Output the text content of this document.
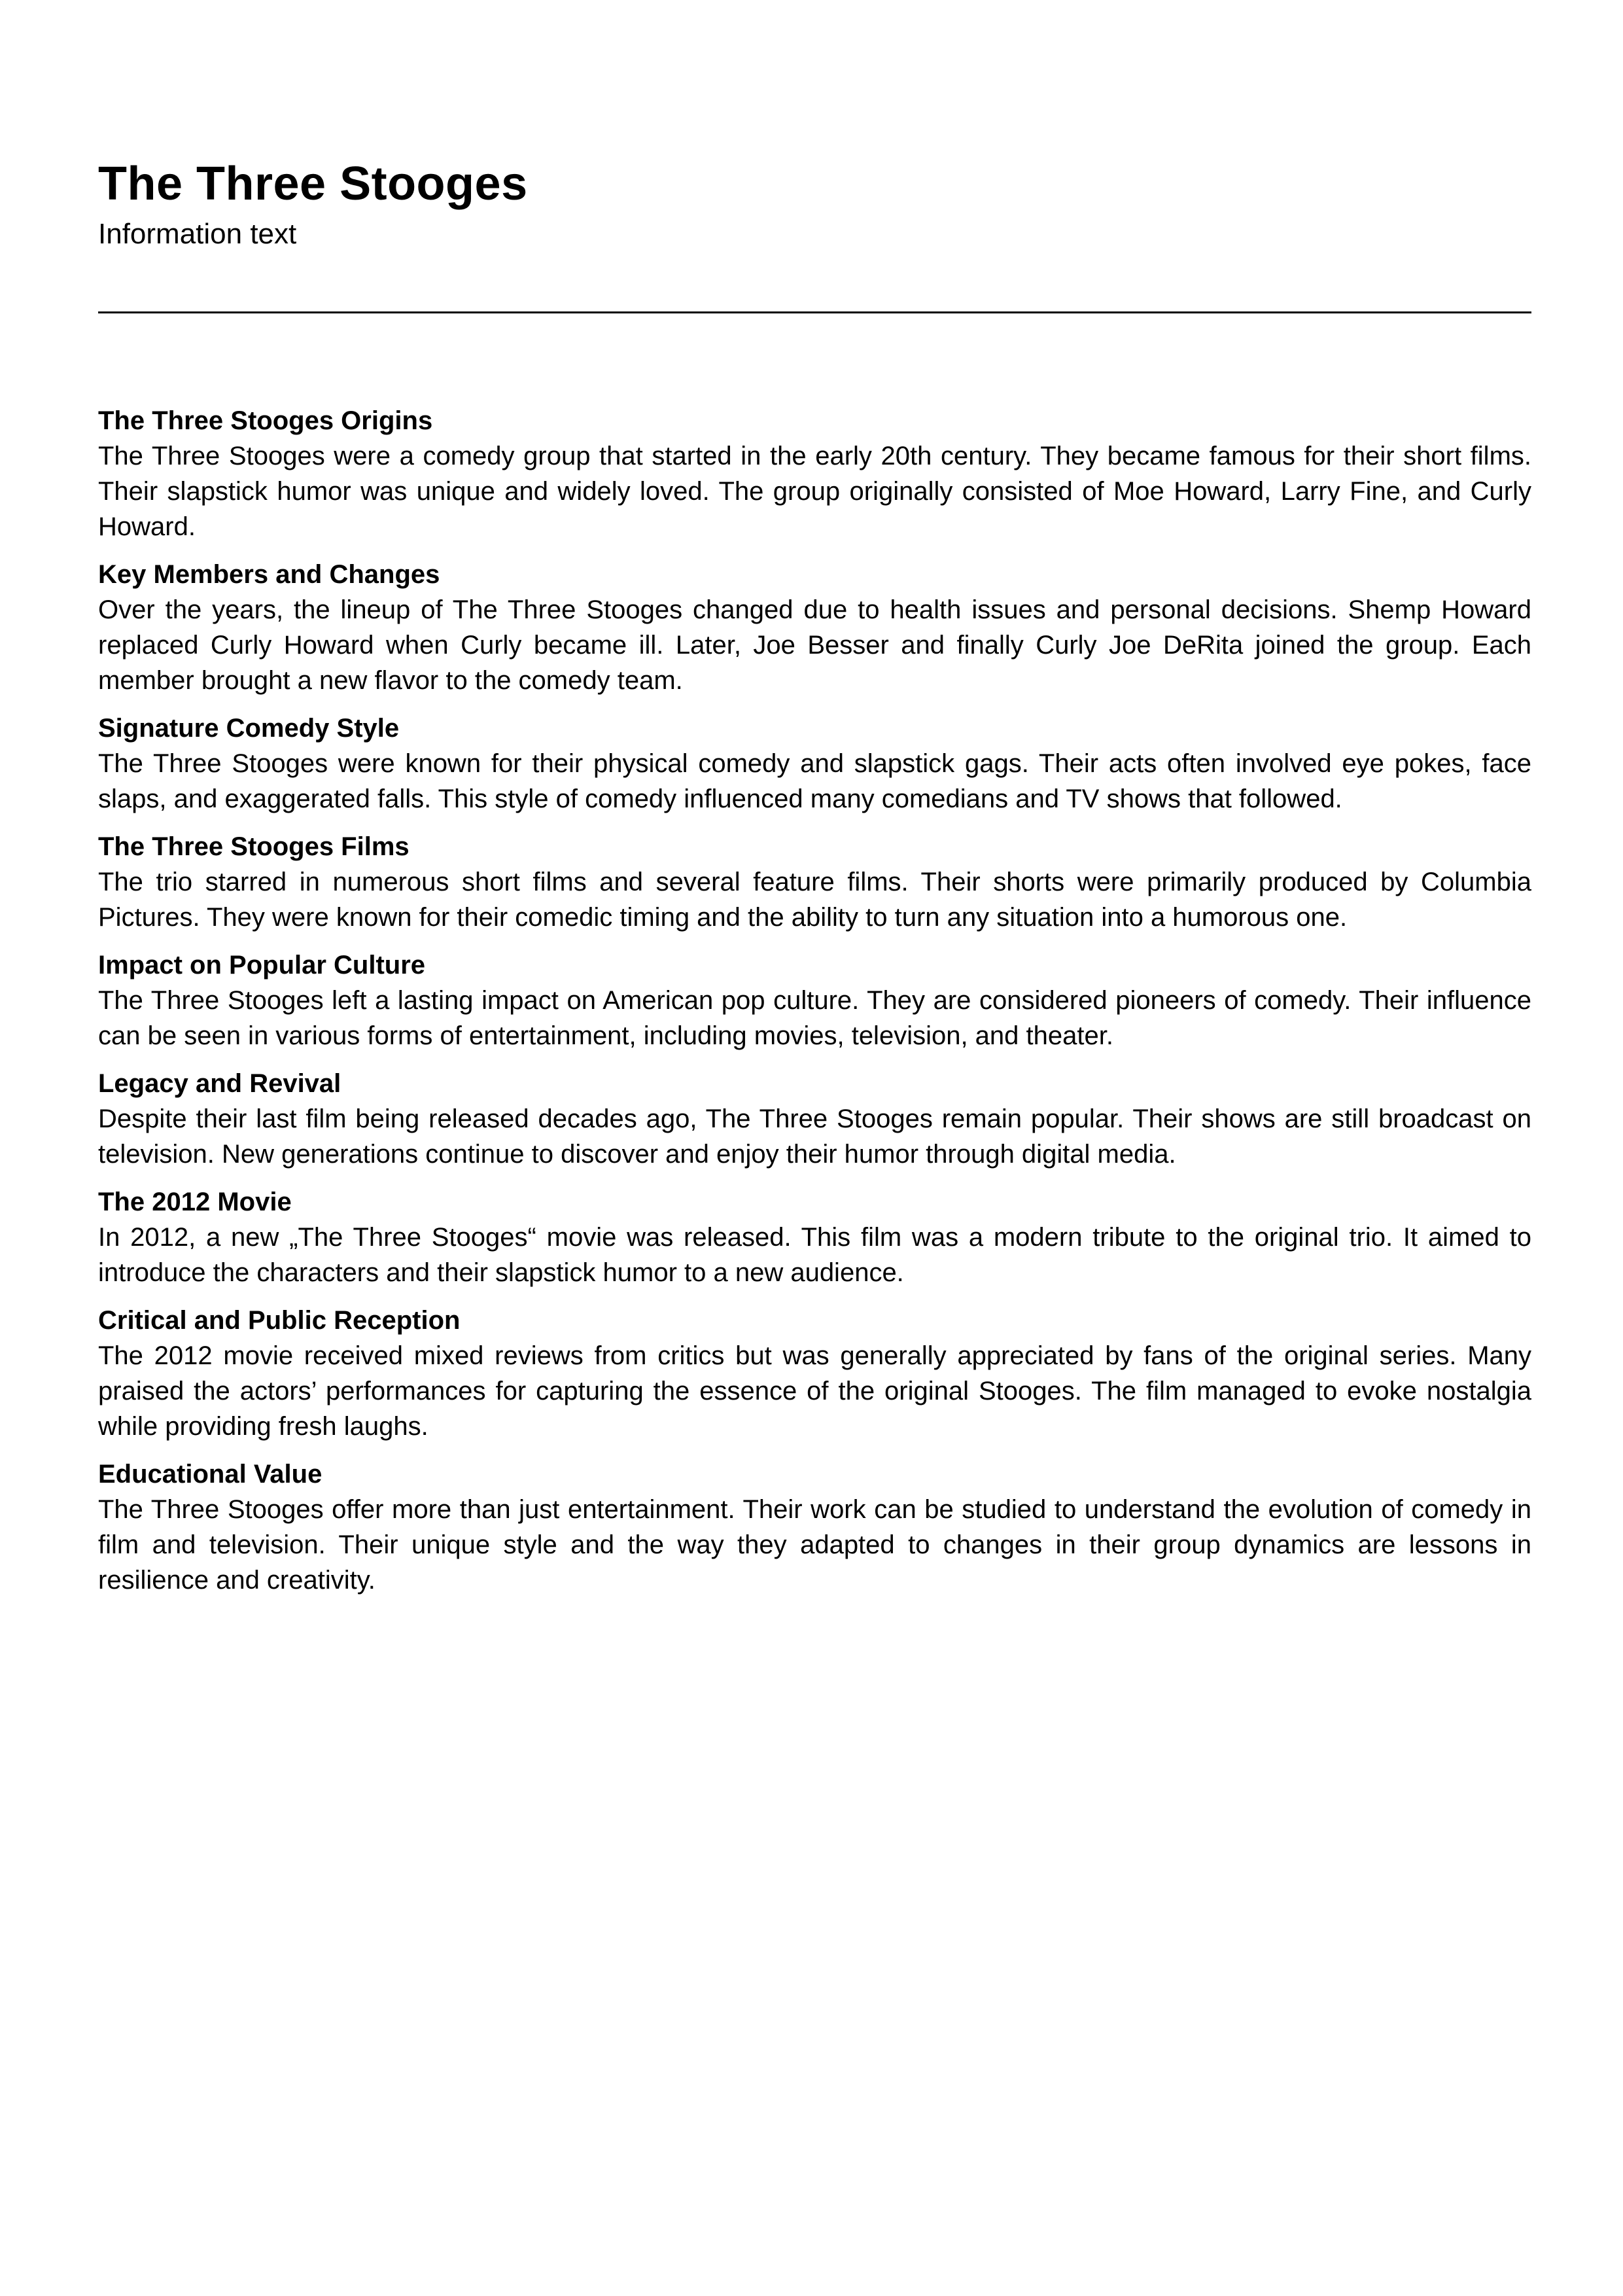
The Three Stooges

Information text

The Three Stooges Origins

The Three Stooges were a comedy group that started in the early 20th century. They became famous for their short films. Their slapstick humor was unique and widely loved. The group originally consisted of Moe Howard, Larry Fine, and Curly Howard.

Key Members and Changes

Over the years, the lineup of The Three Stooges changed due to health issues and personal decisions. Shemp Howard replaced Curly Howard when Curly became ill. Later, Joe Besser and finally Curly Joe DeRita joined the group. Each member brought a new flavor to the comedy team.

Signature Comedy Style

The Three Stooges were known for their physical comedy and slapstick gags. Their acts often involved eye pokes, face slaps, and exaggerated falls. This style of comedy influenced many comedians and TV shows that followed.

The Three Stooges Films

The trio starred in numerous short films and several feature films. Their shorts were primarily produced by Columbia Pictures. They were known for their comedic timing and the ability to turn any situation into a humorous one.

Impact on Popular Culture

The Three Stooges left a lasting impact on American pop culture. They are considered pioneers of comedy. Their influence can be seen in various forms of entertainment, including movies, television, and theater.

Legacy and Revival

Despite their last film being released decades ago, The Three Stooges remain popular. Their shows are still broadcast on television. New generations continue to discover and enjoy their humor through digital media.

The 2012 Movie

In 2012, a new „The Three Stooges“ movie was released. This film was a modern tribute to the original trio. It aimed to introduce the characters and their slapstick humor to a new audience.

Critical and Public Reception

The 2012 movie received mixed reviews from critics but was generally appreciated by fans of the original series. Many praised the actors’ performances for capturing the essence of the original Stooges. The film managed to evoke nostalgia while providing fresh laughs.

Educational Value

The Three Stooges offer more than just entertainment. Their work can be studied to understand the evolution of comedy in film and television. Their unique style and the way they adapted to changes in their group dynamics are lessons in resilience and creativity.
